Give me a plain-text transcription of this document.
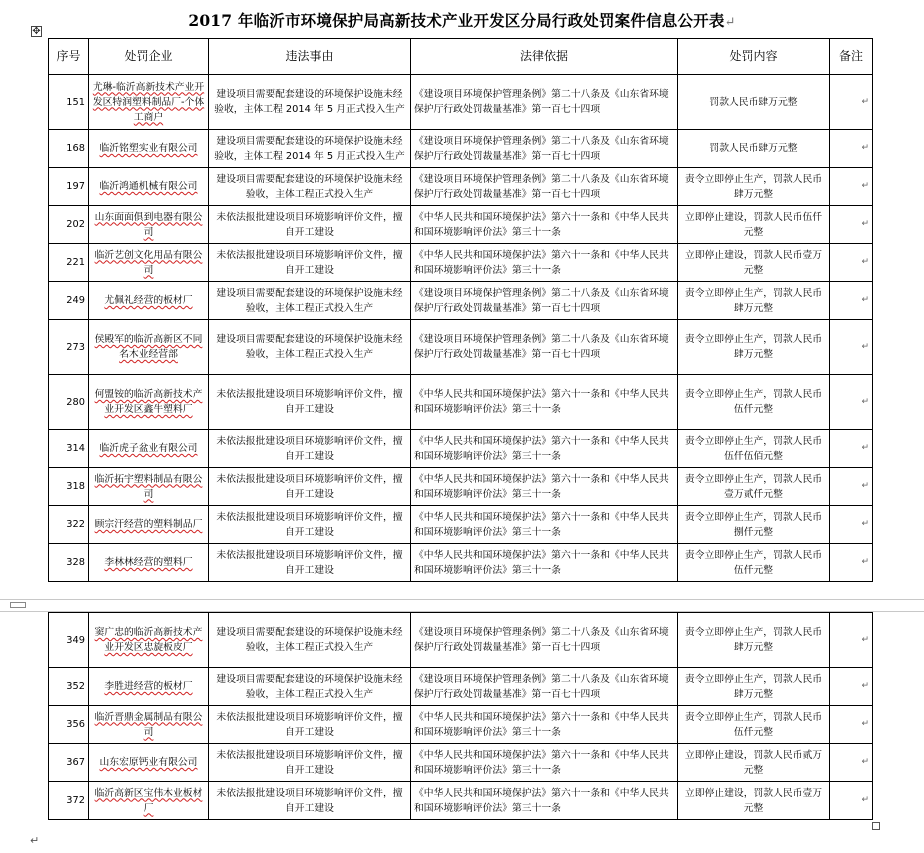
✥
2017 年临沂市环境保护局高新技术产业开发区分局行政处罚案件信息公开表↵
序号	处罚企业	违法事由	法律依据	处罚内容	备注
151	尤琳-临沂高新技术产业开发区特润塑料制品厂-个体工商户	建设项目需要配套建设的环境保护设施未经验收，主体工程 2014 年 5 月正式投入生产	《建设项目环境保护管理条例》第二十八条及《山东省环境保护厅行政处罚裁量基准》第一百七十四项	罚款人民币肆万元整	↵
168	临沂铭塑实业有限公司	建设项目需要配套建设的环境保护设施未经验收，主体工程 2014 年 5 月正式投入生产	《建设项目环境保护管理条例》第二十八条及《山东省环境保护厅行政处罚裁量基准》第一百七十四项	罚款人民币肆万元整	↵
197	临沂鸿通机械有限公司	建设项目需要配套建设的环境保护设施未经验收，主体工程正式投入生产	《建设项目环境保护管理条例》第二十八条及《山东省环境保护厅行政处罚裁量基准》第一百七十四项	责令立即停止生产，罚款人民币肆万元整	↵
202	山东面面俱到电器有限公司	未依法报批建设项目环境影响评价文件，擅自开工建设	《中华人民共和国环境保护法》第六十一条和《中华人民共和国环境影响评价法》第三十一条	立即停止建设，罚款人民币伍仟元整	↵
221	临沂艺创文化用品有限公司	未依法报批建设项目环境影响评价文件，擅自开工建设	《中华人民共和国环境保护法》第六十一条和《中华人民共和国环境影响评价法》第三十一条	立即停止建设，罚款人民币壹万元整	↵
249	尤佩礼经营的板材厂	建设项目需要配套建设的环境保护设施未经验收，主体工程正式投入生产	《建设项目环境保护管理条例》第二十八条及《山东省环境保护厅行政处罚裁量基准》第一百七十四项	责令立即停止生产，罚款人民币肆万元整	↵
273	侯殿军的临沂高新区不同名木业经营部	建设项目需要配套建设的环境保护设施未经验收，主体工程正式投入生产	《建设项目环境保护管理条例》第二十八条及《山东省环境保护厅行政处罚裁量基准》第一百七十四项	责令立即停止生产，罚款人民币肆万元整	↵
280	何盟铵的临沂高新技术产业开发区鑫牛塑料厂	未依法报批建设项目环境影响评价文件，擅自开工建设	《中华人民共和国环境保护法》第六十一条和《中华人民共和国环境影响评价法》第三十一条	责令立即停止生产，罚款人民币伍仟元整	↵
314	临沂虎子盆业有限公司	未依法报批建设项目环境影响评价文件，擅自开工建设	《中华人民共和国环境保护法》第六十一条和《中华人民共和国环境影响评价法》第三十一条	责令立即停止生产，罚款人民币伍仟伍佰元整	↵
318	临沂拓宇塑料制品有限公司	未依法报批建设项目环境影响评价文件，擅自开工建设	《中华人民共和国环境保护法》第六十一条和《中华人民共和国环境影响评价法》第三十一条	责令立即停止生产，罚款人民币壹万贰仟元整	↵
322	顾宗汗经营的塑料制品厂	未依法报批建设项目环境影响评价文件，擅自开工建设	《中华人民共和国环境保护法》第六十一条和《中华人民共和国环境影响评价法》第三十一条	责令立即停止生产，罚款人民币捌仟元整	↵
328	李林林经营的塑料厂	未依法报批建设项目环境影响评价文件，擅自开工建设	《中华人民共和国环境保护法》第六十一条和《中华人民共和国环境影响评价法》第三十一条	责令立即停止生产，罚款人民币伍仟元整	↵
349	窦广忠的临沂高新技术产业开发区忠旋板皮厂	建设项目需要配套建设的环境保护设施未经验收，主体工程正式投入生产	《建设项目环境保护管理条例》第二十八条及《山东省环境保护厅行政处罚裁量基准》第一百七十四项	责令立即停止生产，罚款人民币肆万元整	↵
352	李胜进经营的板材厂	建设项目需要配套建设的环境保护设施未经验收，主体工程正式投入生产	《建设项目环境保护管理条例》第二十八条及《山东省环境保护厅行政处罚裁量基准》第一百七十四项	责令立即停止生产，罚款人民币肆万元整	↵
356	临沂晋鼎金属制品有限公司	未依法报批建设项目环境影响评价文件，擅自开工建设	《中华人民共和国环境保护法》第六十一条和《中华人民共和国环境影响评价法》第三十一条	责令立即停止生产，罚款人民币伍仟元整	↵
367	山东宏原钙业有限公司	未依法报批建设项目环境影响评价文件，擅自开工建设	《中华人民共和国环境保护法》第六十一条和《中华人民共和国环境影响评价法》第三十一条	立即停止建设，罚款人民币贰万元整	↵
372	临沂高新区宝伟木业板材厂	未依法报批建设项目环境影响评价文件，擅自开工建设	《中华人民共和国环境保护法》第六十一条和《中华人民共和国环境影响评价法》第三十一条	立即停止建设，罚款人民币壹万元整	↵
↵
